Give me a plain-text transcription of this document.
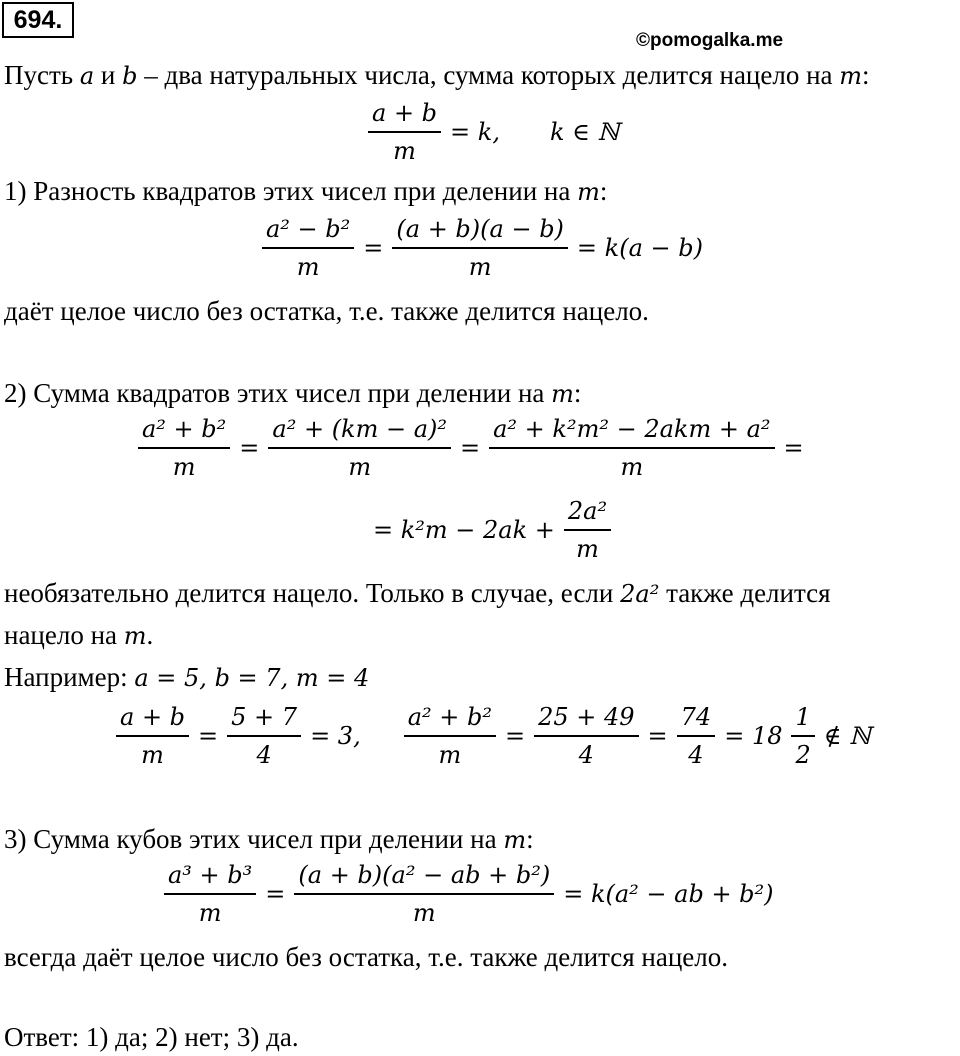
694.
©pomogalka.me
Пусть a и b – два натуральных числа, сумма которых делится нацело на m:
$\frac{a + b}{m} = k$, k ∈ ℕ
1) Разность квадратов этих чисел при делении на m:
$\frac{\text{a² − b²}}{m} = \frac{(a + b)(a - b)}{m} = k(a - b)$
даёт целое число без остатка, т.е. также делится нацело.
2) Сумма квадратов этих чисел при делении на m:
$\frac{\text{a² + b²}}{m} = \frac{\text{a² + (km − a)²}}{m} = \frac{\text{a² + k²m² − 2akm + a²}}{m}$ =
= $k^2m - 2ak + \frac{\text{2a²}}{m}$
необязательно делится нацело. Только в случае, если 2a² также делится
нацело на m.
Например: a = 5, b = 7, m = 4
$\frac{a + b}{m} = \frac{5 + 7}{4} = 3$, $\frac{\text{a² + b²}}{m} = \frac{25 + 49}{4} = \frac{74}{4} = 18 \frac{1}{2}$ ∉ ℕ
3) Сумма кубов этих чисел при делении на m:
$\frac{\text{a³ + b³}}{m} = \frac{\text{(a + b)(a² − ab + b²)}}{m} = k(a^2$ − ab + b²)
всегда даёт целое число без остатка, т.е. также делится нацело.
Ответ: 1) да; 2) нет; 3) да.
